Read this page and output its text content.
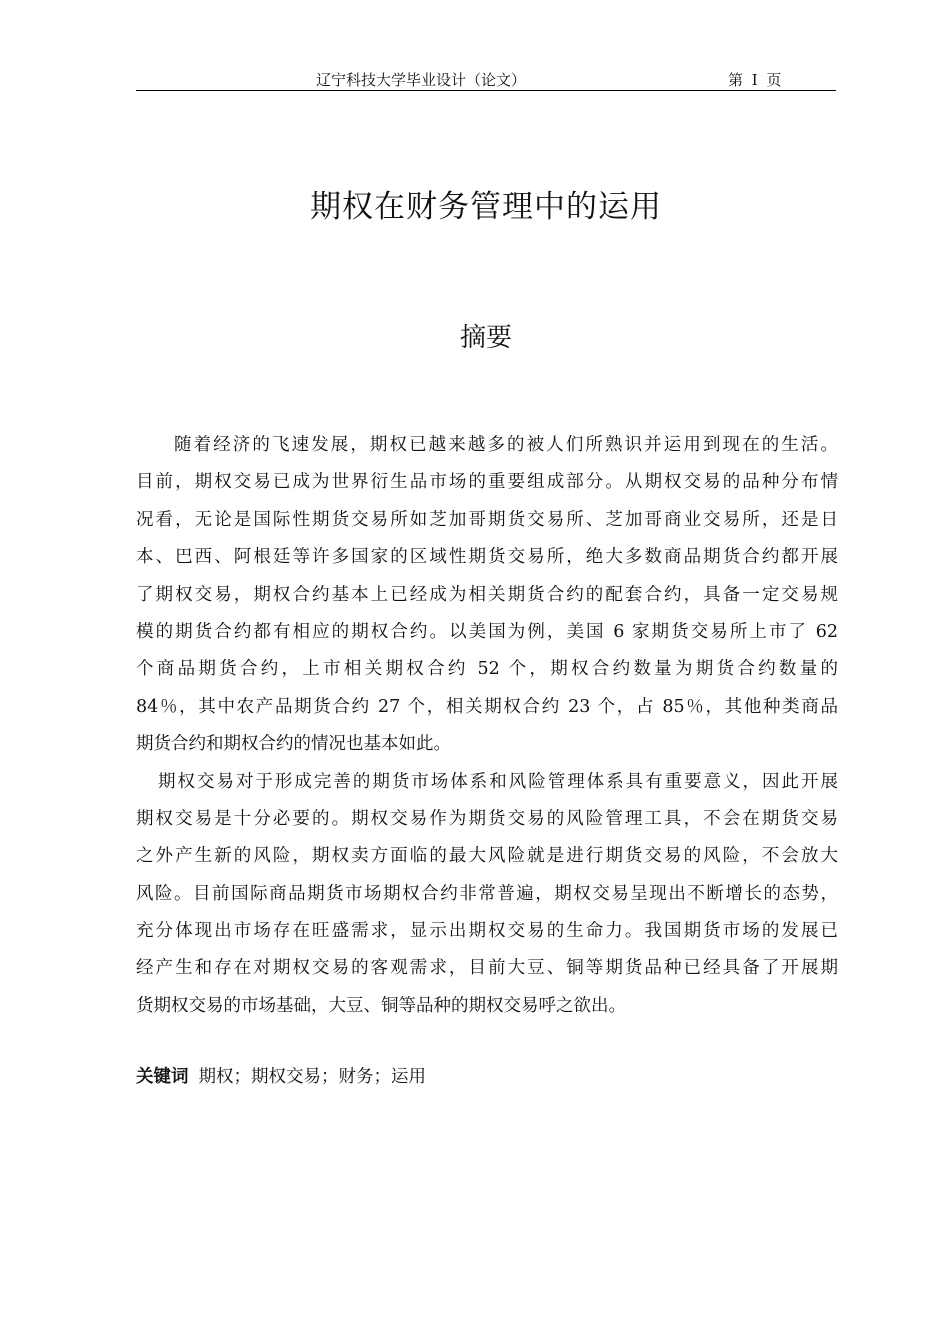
辽宁科技大学毕业设计（论文）	第 I 页
期权在财务管理中的运用
摘要
随着经济的飞速发展，期权已越来越多的被人们所熟识并运用到现在的生活。
目前，期权交易已成为世界衍生品市场的重要组成部分。从期权交易的品种分布情
况看，无论是国际性期货交易所如芝加哥期货交易所、芝加哥商业交易所，还是日
本、巴西、阿根廷等许多国家的区域性期货交易所，绝大多数商品期货合约都开展
了期权交易，期权合约基本上已经成为相关期货合约的配套合约，具备一定交易规
模的期货合约都有相应的期权合约。以美国为例，美国 6 家期货交易所上市了 62
个商品期货合约，上市相关期权合约 52 个，期权合约数量为期货合约数量的
84％，其中农产品期货合约 27 个，相关期权合约 23 个，占 85％，其他种类商品
期货合约和期权合约的情况也基本如此。
期权交易对于形成完善的期货市场体系和风险管理体系具有重要意义，因此开展
期权交易是十分必要的。期权交易作为期货交易的风险管理工具，不会在期货交易
之外产生新的风险，期权卖方面临的最大风险就是进行期货交易的风险，不会放大
风险。目前国际商品期货市场期权合约非常普遍，期权交易呈现出不断增长的态势，
充分体现出市场存在旺盛需求，显示出期权交易的生命力。我国期货市场的发展已
经产生和存在对期权交易的客观需求，目前大豆、铜等期货品种已经具备了开展期
货期权交易的市场基础，大豆、铜等品种的期权交易呼之欲出。
关键词 期权；期权交易；财务；运用
